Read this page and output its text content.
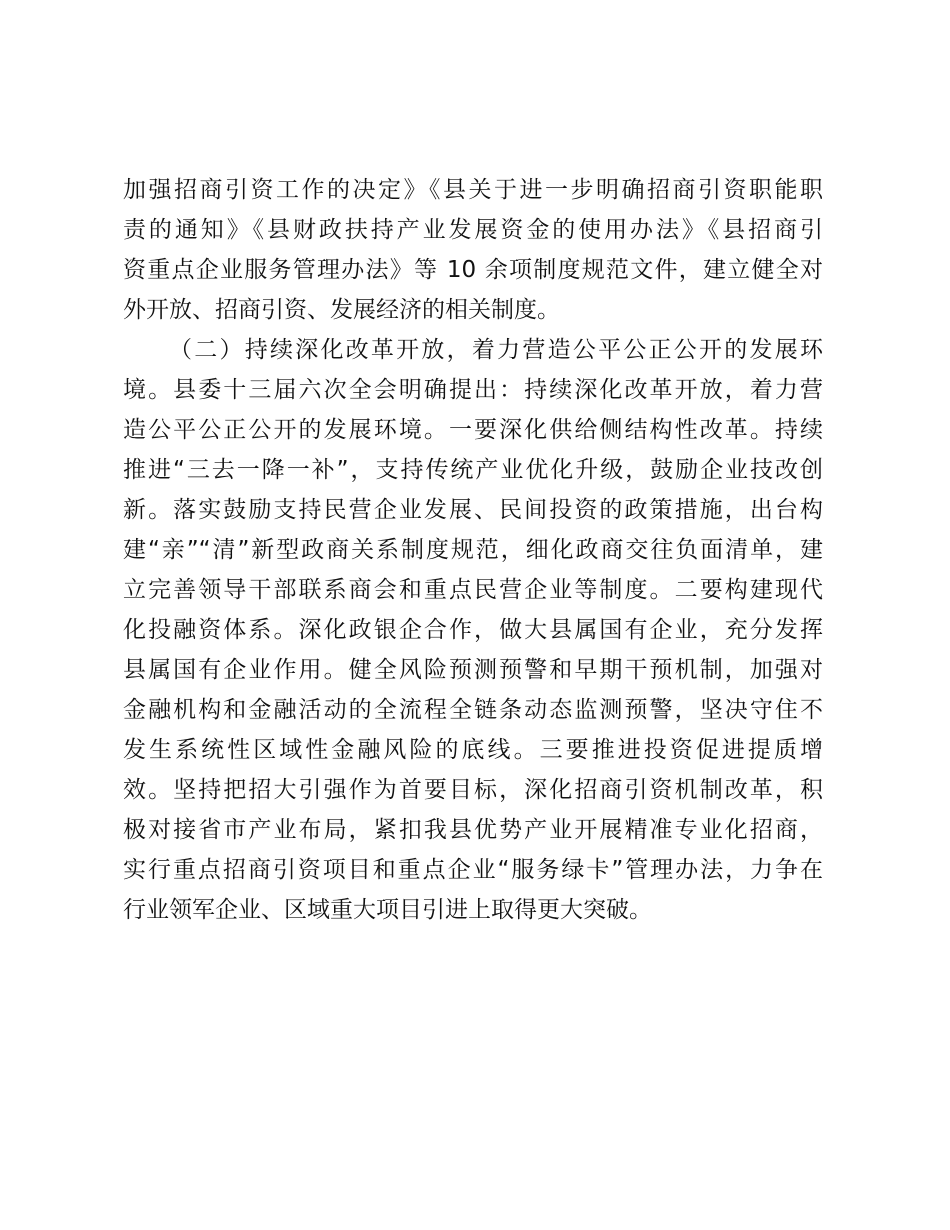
加强招商引资工作的决定》《县关于进一步明确招商引资职能职
责的通知》《县财政扶持产业发展资金的使用办法》《县招商引
资重点企业服务管理办法》等 10 余项制度规范文件，建立健全对
外开放、招商引资、发展经济的相关制度。
（二）持续深化改革开放，着力营造公平公正公开的发展环
境。县委十三届六次全会明确提出：持续深化改革开放，着力营
造公平公正公开的发展环境。一要深化供给侧结构性改革。持续
推进“三去一降一补”，支持传统产业优化升级，鼓励企业技改创
新。落实鼓励支持民营企业发展、民间投资的政策措施，出台构
建“亲”“清”新型政商关系制度规范，细化政商交往负面清单，建
立完善领导干部联系商会和重点民营企业等制度。二要构建现代
化投融资体系。深化政银企合作，做大县属国有企业，充分发挥
县属国有企业作用。健全风险预测预警和早期干预机制，加强对
金融机构和金融活动的全流程全链条动态监测预警，坚决守住不
发生系统性区域性金融风险的底线。三要推进投资促进提质增
效。坚持把招大引强作为首要目标，深化招商引资机制改革，积
极对接省市产业布局，紧扣我县优势产业开展精准专业化招商，
实行重点招商引资项目和重点企业“服务绿卡”管理办法，力争在
行业领军企业、区域重大项目引进上取得更大突破。
